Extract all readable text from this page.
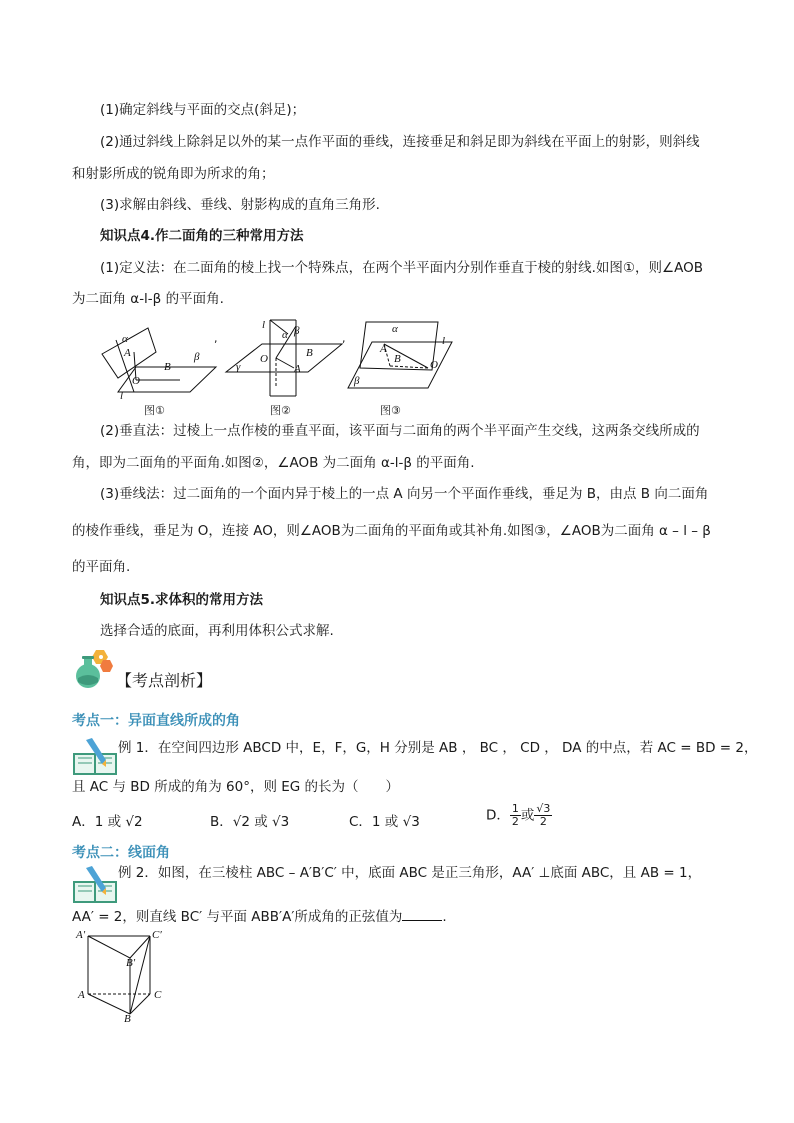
(1)确定斜线与平面的交点(斜足)；
(2)通过斜线上除斜足以外的某一点作平面的垂线，连接垂足和斜足即为斜线在平面上的射影，则斜线
和射影所成的锐角即为所求的角；
(3)求解由斜线、垂线、射影构成的直角三角形.
知识点4.作二面角的三种常用方法
(1)定义法：在二面角的棱上找一个特殊点，在两个半平面内分别作垂直于棱的射线.如图①，则∠AOB
为二面角 α-l-β 的平面角.
α
A
O
B
β
l
,
l
α β
O	B
A
γ
,
α
l
A
B	O
β
图①	图②	图③
(2)垂直法：过棱上一点作棱的垂直平面，该平面与二面角的两个半平面产生交线，这两条交线所成的
角，即为二面角的平面角.如图②，∠AOB 为二面角 α-l-β 的平面角.
(3)垂线法：过二面角的一个面内异于棱上的一点 A 向另一个平面作垂线，垂足为 B，由点 B 向二面角
的棱作垂线，垂足为 O，连接 AO，则∠AOB为二面角的平面角或其补角.如图③，∠AOB为二面角 α – l – β
的平面角.
知识点5.求体积的常用方法
选择合适的底面，再利用体积公式求解.
【考点剖析】
考点一：异面直线所成的角
例 1．在空间四边形 ABCD 中，E，F，G，H 分别是 AB ， BC ， CD ， DA 的中点，若 AC = BD = 2，
且 AC 与 BD 所成的角为 60°，则 EG 的长为（　　）
A．1 或 √2	B．√2 或 √3	C．1 或 √3	D． $\frac{1}{2}$ 或 $\frac{√3}{2}$
考点二：线面角
例 2．如图，在三棱柱 ABC – A′B′C′ 中，底面 ABC 是正三角形，AA′ ⊥底面 ABC，且 AB = 1，
AA′ = 2，则直线 BC′ 与平面 ABB′A′所成角的正弦值为	.
A′	C′
B′
A	C
B
